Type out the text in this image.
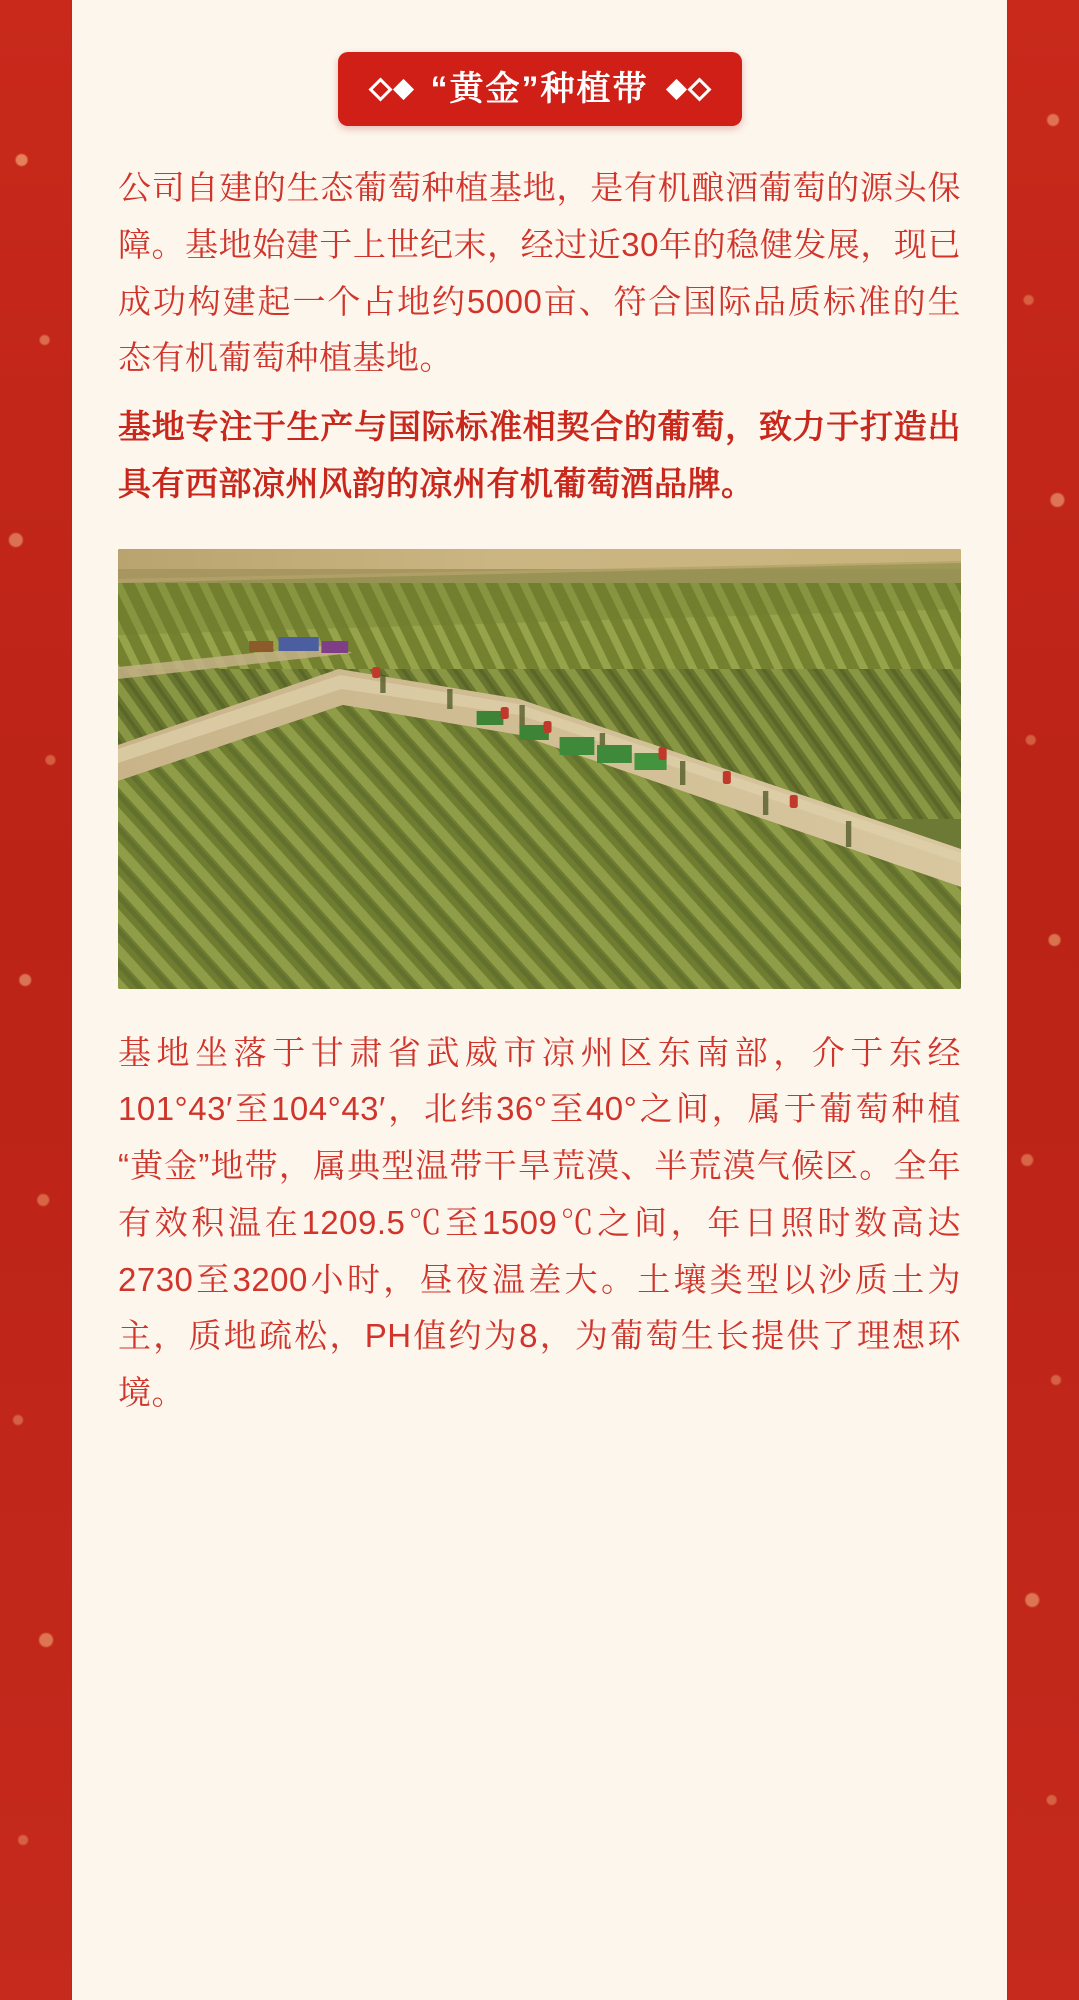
“黄金”种植带

公司自建的生态葡萄种植基地，是有机酿酒葡萄的源头保障。基地始建于上世纪末，经过近30年的稳健发展，现已成功构建起一个占地约5000亩、符合国际品质标准的生态有机葡萄种植基地。

基地专注于生产与国际标准相契合的葡萄，致力于打造出具有西部凉州风韵的凉州有机葡萄酒品牌。

基地坐落于甘肃省武威市凉州区东南部，介于东经101°43′至104°43′，北纬36°至40°之间，属于葡萄种植“黄金”地带，属典型温带干旱荒漠、半荒漠气候区。全年有效积温在1209.5℃至1509℃之间，年日照时数高达2730至3200小时，昼夜温差大。土壤类型以沙质土为主，质地疏松，PH值约为8，为葡萄生长提供了理想环境。
